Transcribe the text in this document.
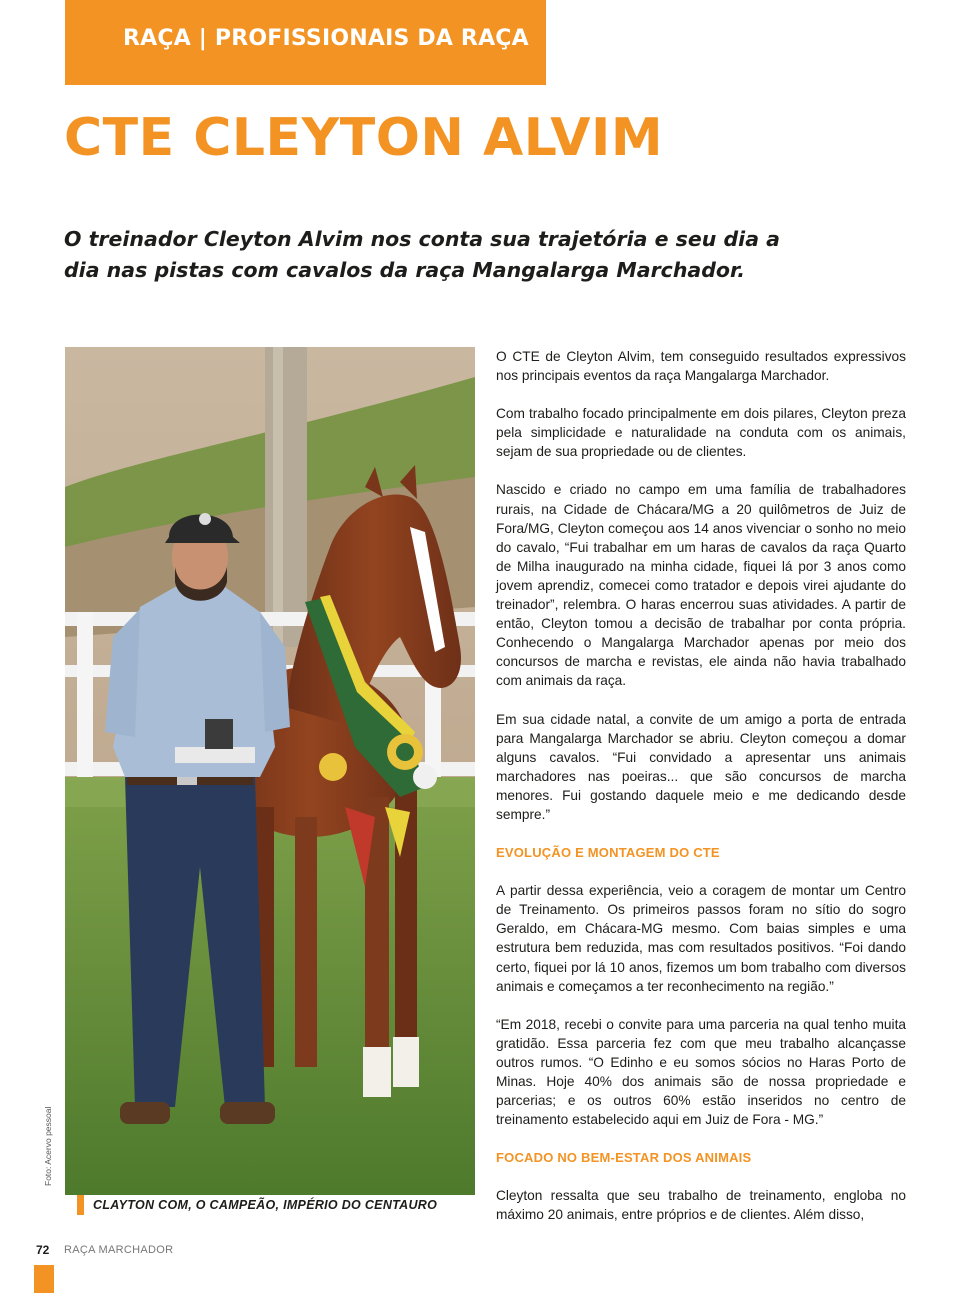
RAÇA | PROFISSIONAIS DA RAÇA
CTE CLEYTON ALVIM

O treinador Cleyton Alvim nos conta sua trajetória e seu dia a dia nas pistas com cavalos da raça Mangalarga Marchador.

Foto: Acervo pessoal
CLAYTON COM, O CAMPEÃO, IMPÉRIO DO CENTAURO

O CTE de Cleyton Alvim, tem conseguido resultados expressivos nos principais eventos da raça Mangalarga Marchador.

Com trabalho focado principalmente em dois pilares, Cleyton preza pela simplicidade e naturalidade na conduta com os animais, sejam de sua propriedade ou de clientes.

Nascido e criado no campo em uma família de trabalhadores rurais, na Cidade de Chácara/MG a 20 quilômetros de Juiz de Fora/MG, Cleyton começou aos 14 anos vivenciar o sonho no meio do cavalo, “Fui trabalhar em um haras de cavalos da raça Quarto de Milha inaugurado na minha cidade, fiquei lá por 3 anos como jovem aprendiz, comecei como tratador e depois virei ajudante do treinador”, relembra. O haras encerrou suas atividades. A partir de então, Cleyton tomou a decisão de trabalhar por conta própria. Conhecendo o Mangalarga Marchador apenas por meio dos concursos de marcha e revistas, ele ainda não havia trabalhado com animais da raça.

Em sua cidade natal, a convite de um amigo a porta de entrada para Mangalarga Marchador se abriu. Cleyton começou a domar alguns cavalos. “Fui convidado a apresentar uns animais marchadores nas poeiras... que são concursos de marcha menores. Fui gostando daquele meio e me dedicando desde sempre.”

EVOLUÇÃO E MONTAGEM DO CTE

A partir dessa experiência, veio a coragem de montar um Centro de Treinamento. Os primeiros passos foram no sítio do sogro Geraldo, em Chácara-MG mesmo. Com baias simples e uma estrutura bem reduzida, mas com resultados positivos. “Foi dando certo, fiquei por lá 10 anos, fizemos um bom trabalho com diversos animais e começamos a ter reconhecimento na região.”

“Em 2018, recebi o convite para uma parceria na qual tenho muita gratidão. Essa parceria fez com que meu trabalho alcançasse outros rumos. “O Edinho e eu somos sócios no Haras Porto de Minas. Hoje 40% dos animais são de nossa propriedade e parcerias; e os outros 60% estão inseridos no centro de treinamento estabelecido aqui em Juiz de Fora - MG.”

FOCADO NO BEM-ESTAR DOS ANIMAIS

Cleyton ressalta que seu trabalho de treinamento, engloba no máximo 20 animais, entre próprios e de clientes. Além disso,

72 RAÇA MARCHADOR
